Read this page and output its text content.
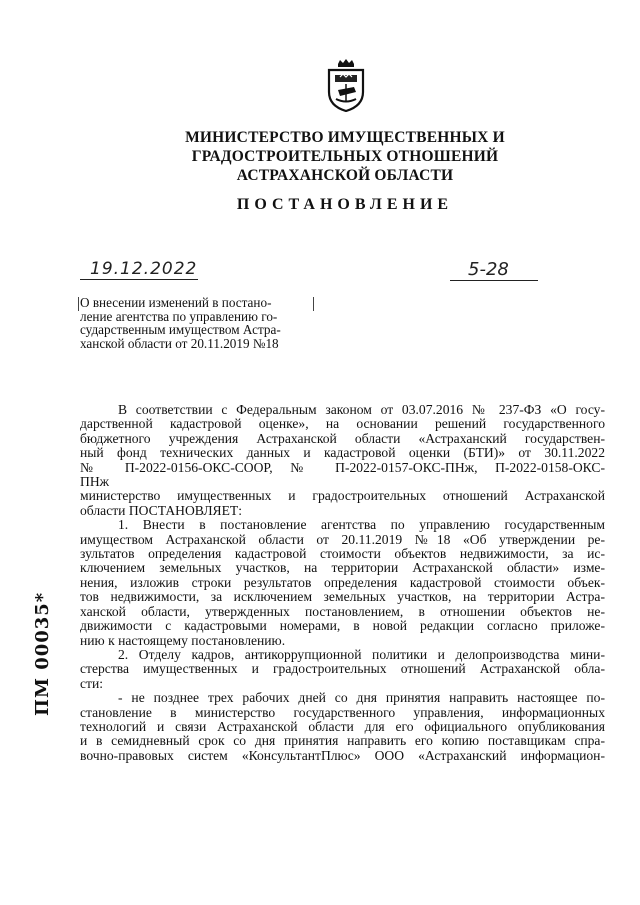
МИНИСТЕРСТВО ИМУЩЕСТВЕННЫХ И
ГРАДОСТРОИТЕЛЬНЫХ ОТНОШЕНИЙ
АСТРАХАНСКОЙ ОБЛАСТИ
ПОСТАНОВЛЕНИЕ
19.12.2022	5-28
О внесении изменений в постано-
ление агентства по управлению го-
сударственным имуществом Астра-
ханской области от 20.11.2019 №18
ПМ 00035*
В соответствии с Федеральным законом от 03.07.2016 № 237-ФЗ «О госу-
дарственной кадастровой оценке», на основании решений государственного
бюджетного учреждения Астраханской области «Астраханский государствен-
ный фонд технических данных и кадастровой оценки (БТИ)» от 30.11.2022
№ П-2022-0156-ОКС-СООР, № П-2022-0157-ОКС-ПНж, П-2022-0158-ОКС-
ПНж
министерство имущественных и градостроительных отношений Астраханской
области ПОСТАНОВЛЯЕТ:
1. Внести в постановление агентства по управлению государственным
имуществом Астраханской области от 20.11.2019 №18 «Об утверждении ре-
зультатов определения кадастровой стоимости объектов недвижимости, за ис-
ключением земельных участков, на территории Астраханской области» изме-
нения, изложив строки результатов определения кадастровой стоимости объек-
тов недвижимости, за исключением земельных участков, на территории Астра-
ханской области, утвержденных постановлением, в отношении объектов не-
движимости с кадастровыми номерами, в новой редакции согласно приложе-
нию к настоящему постановлению.
2. Отделу кадров, антикоррупционной политики и делопроизводства мини-
стерства имущественных и градостроительных отношений Астраханской обла-
сти:
- не позднее трех рабочих дней со дня принятия направить настоящее по-
становление в министерство государственного управления, информационных
технологий и связи Астраханской области для его официального опубликования
и в семидневный срок со дня принятия направить его копию поставщикам спра-
вочно-правовых систем «КонсультантПлюс» ООО «Астраханский информацион-
